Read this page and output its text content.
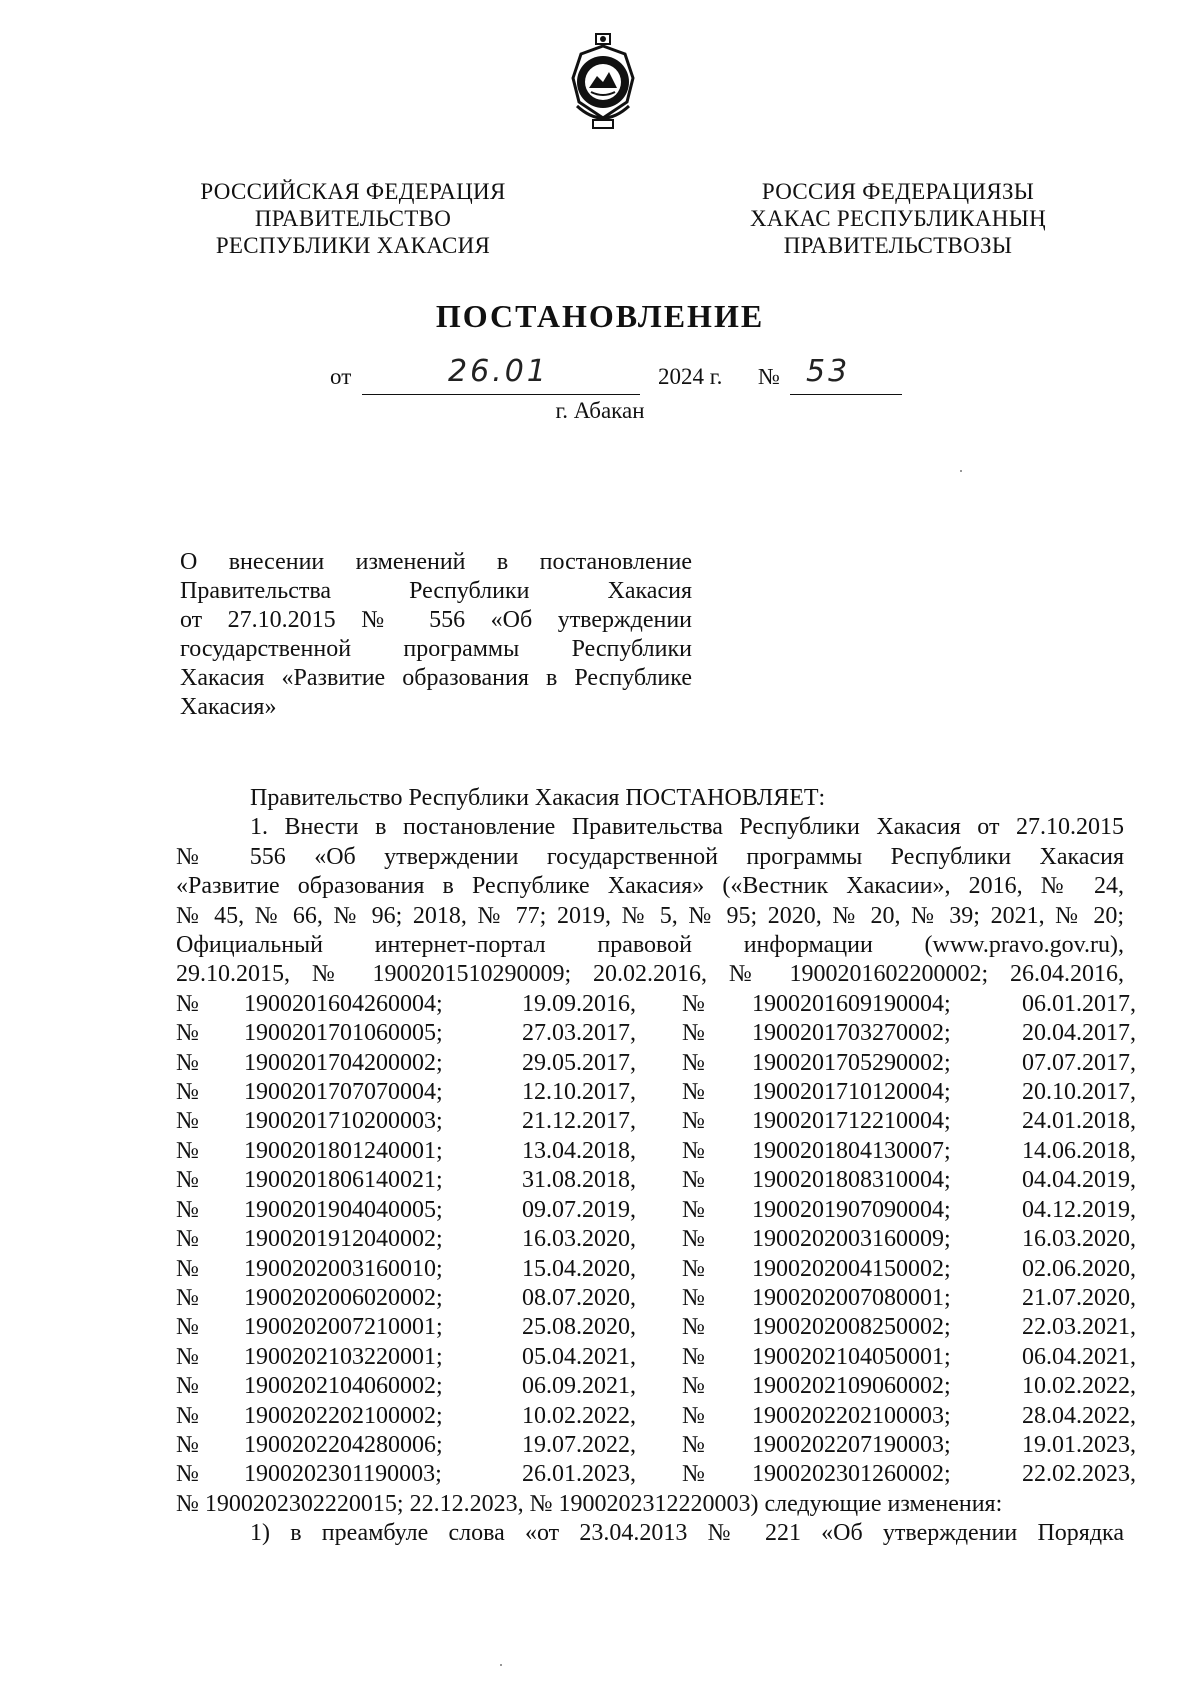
РОССИЙСКАЯ ФЕДЕРАЦИЯ
ПРАВИТЕЛЬСТВО
РЕСПУБЛИКИ ХАКАСИЯ
РОССИЯ ФЕДЕРАЦИЯЗЫ
ХАКАС РЕСПУБЛИКАНЫҢ
ПРАВИТЕЛЬСТВОЗЫ
ПОСТАНОВЛЕНИЕ
от	26.01	2024 г. № 53
г. Абакан
О внесении изменений в постановление
Правительства Республики Хакасия
от 27.10.2015 № 556 «Об утверждении
государственной программы Республики
Хакасия «Развитие образования в Республике
Хакасия»
Правительство Республики Хакасия ПОСТАНОВЛЯЕТ:
1. Внести в постановление Правительства Республики Хакасия от 27.10.2015
№ 556 «Об утверждении государственной программы Республики Хакасия
«Развитие образования в Республике Хакасия» («Вестник Хакасии», 2016, № 24,
№ 45, № 66, № 96; 2018, № 77; 2019, № 5, № 95; 2020, № 20, № 39; 2021, № 20;
Официальный интернет-портал правовой информации (www.pravo.gov.ru),
29.10.2015, № 1900201510290009; 20.02.2016, № 1900201602200002; 26.04.2016,
№	1900201604260004;	19.09.2016,	№	1900201609190004;	06.01.2017,
№	1900201701060005;	27.03.2017,	№	1900201703270002;	20.04.2017,
№	1900201704200002;	29.05.2017,	№	1900201705290002;	07.07.2017,
№	1900201707070004;	12.10.2017,	№	1900201710120004;	20.10.2017,
№	1900201710200003;	21.12.2017,	№	1900201712210004;	24.01.2018,
№	1900201801240001;	13.04.2018,	№	1900201804130007;	14.06.2018,
№	1900201806140021;	31.08.2018,	№	1900201808310004;	04.04.2019,
№	1900201904040005;	09.07.2019,	№	1900201907090004;	04.12.2019,
№	1900201912040002;	16.03.2020,	№	1900202003160009;	16.03.2020,
№	1900202003160010;	15.04.2020,	№	1900202004150002;	02.06.2020,
№	1900202006020002;	08.07.2020,	№	1900202007080001;	21.07.2020,
№	1900202007210001;	25.08.2020,	№	1900202008250002;	22.03.2021,
№	1900202103220001;	05.04.2021,	№	1900202104050001;	06.04.2021,
№	1900202104060002;	06.09.2021,	№	1900202109060002;	10.02.2022,
№	1900202202100002;	10.02.2022,	№	1900202202100003;	28.04.2022,
№	1900202204280006;	19.07.2022,	№	1900202207190003;	19.01.2023,
№	1900202301190003;	26.01.2023,	№	1900202301260002;	22.02.2023,
№ 1900202302220015; 22.12.2023, № 1900202312220003) следующие изменения:
1) в преамбуле слова «от 23.04.2013 № 221 «Об утверждении Порядка
